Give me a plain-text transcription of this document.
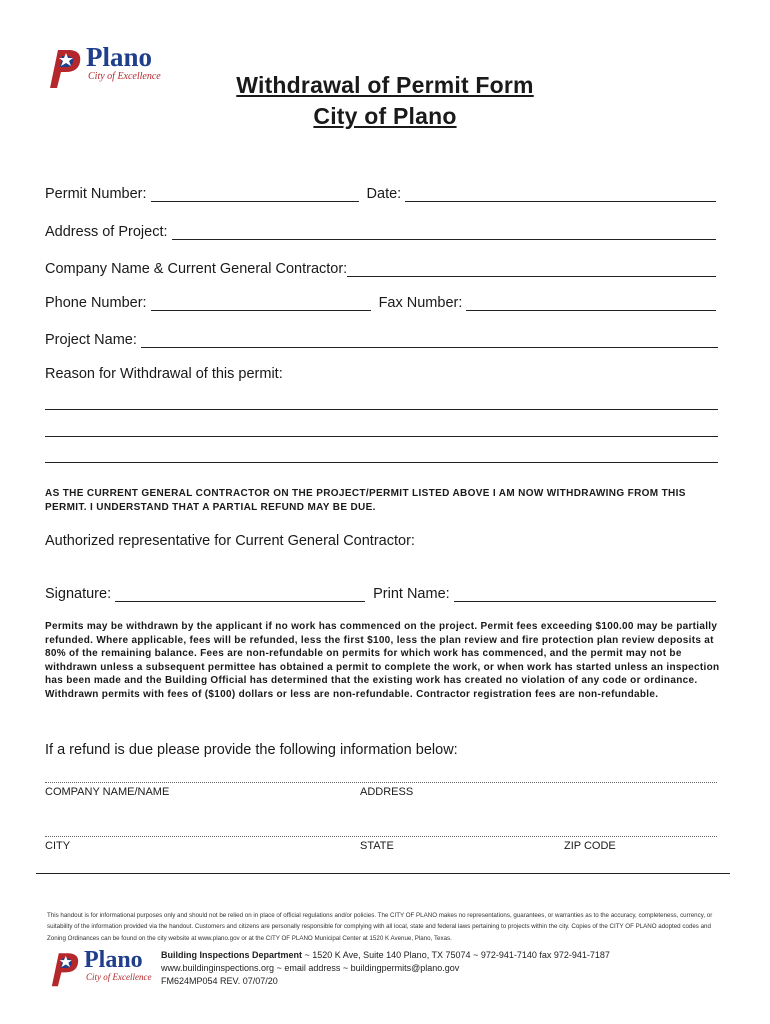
Plano
City of Excellence	Withdrawal of Permit Form
City of Plano
Permit Number:	Date:
Address of Project:
Company Name & Current General Contractor:
Phone Number:	Fax Number:
Project Name:
Reason for Withdrawal of this permit:
AS THE CURRENT GENERAL CONTRACTOR ON THE PROJECT/PERMIT LISTED ABOVE I AM NOW WITHDRAWING FROM THIS PERMIT. I UNDERSTAND THAT A PARTIAL REFUND MAY BE DUE.
Authorized representative for Current General Contractor:
Signature:	Print Name:
Permits may be withdrawn by the applicant if no work has commenced on the project. Permit fees exceeding $100.00 may be partially refunded. Where applicable, fees will be refunded, less the first $100, less the plan review and fire protection plan review deposits at 80% of the remaining balance. Fees are non-refundable on permits for which work has commenced, and the permit may not be withdrawn unless a subsequent permittee has obtained a permit to complete the work, or when work has started unless an inspection has been made and the Building Official has determined that the existing work has created no violation of any code or ordinance. Withdrawn permits with fees of ($100) dollars or less are non-refundable. Contractor registration fees are non-refundable.
If a refund is due please provide the following information below:
COMPANY NAME/NAME	ADDRESS
CITY	STATE	ZIP CODE
This handout is for informational purposes only and should not be relied on in place of official regulations and/or policies. The CITY OF PLANO makes no representations, guarantees, or warranties as to the accuracy, completeness, currency, or suitability of the information provided via the handout. Customers and citizens are personally responsible for complying with all local, state and federal laws pertaining to projects within the city. Copies of the CITY OF PLANO adopted codes and Zoning Ordinances can be found on the city website at www.plano.gov or at the CITY OF PLANO Municipal Center at 1520 K Avenue, Plano, Texas.
Plano
City of Excellence
Building Inspections Department ~ 1520 K Ave, Suite 140 Plano, TX 75074 ~ 972-941-7140 fax 972-941-7187
www.buildinginspections.org ~ email address ~ buildingpermits@plano.gov
FM624MP054 REV. 07/07/20
